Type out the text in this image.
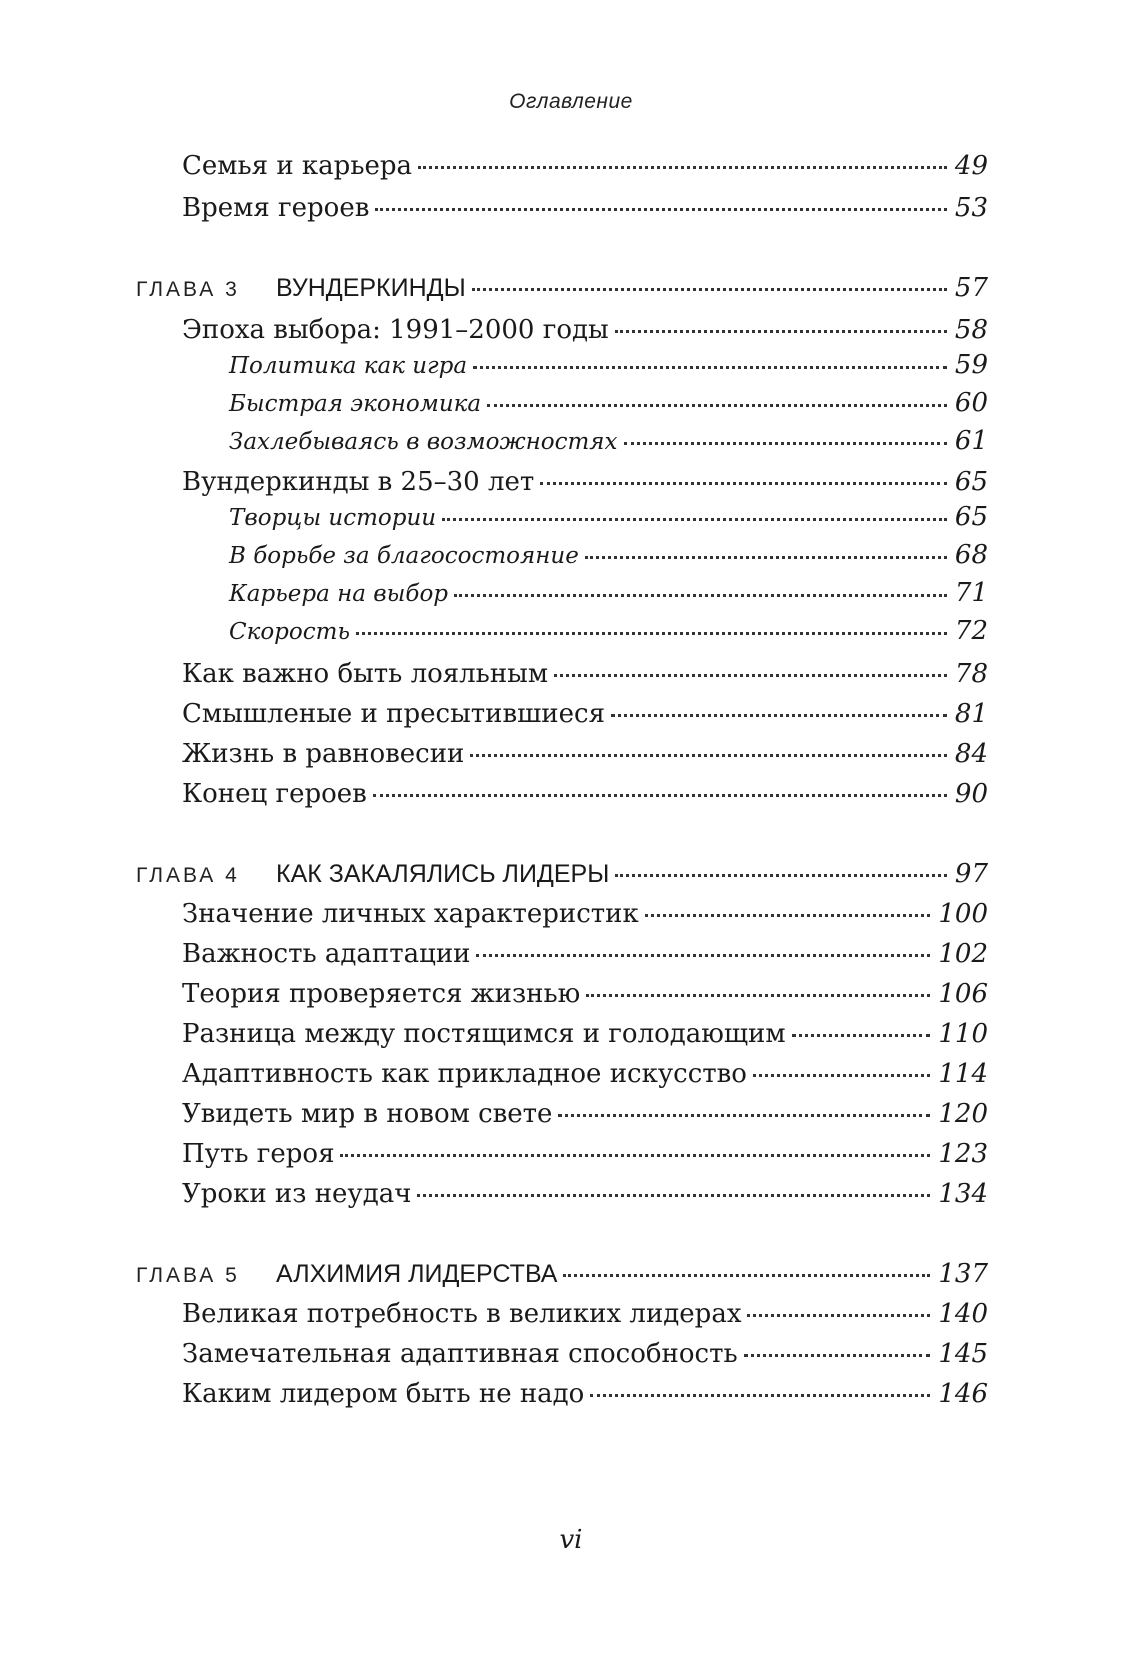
Оглавление
Семья и карьера	49
Время героев	53
ГЛАВА 3	ВУНДЕРКИНДЫ	57
Эпоха выбора: 1991–2000 годы	58
Политика как игра	59
Быстрая экономика	60
Захлебываясь в возможностях	61
Вундеркинды в 25–30 лет	65
Творцы истории	65
В борьбе за благосостояние	68
Карьера на выбор	71
Скорость	72
Как важно быть лояльным	78
Смышленые и пресытившиеся	81
Жизнь в равновесии	84
Конец героев	90
ГЛАВА 4	КАК ЗАКАЛЯЛИСЬ ЛИДЕРЫ	97
Значение личных характеристик	100
Важность адаптации	102
Теория проверяется жизнью	106
Разница между постящимся и голодающим	110
Адаптивность как прикладное искусство	114
Увидеть мир в новом свете	120
Путь героя	123
Уроки из неудач	134
ГЛАВА 5	АЛХИМИЯ ЛИДЕРСТВА	137
Великая потребность в великих лидерах	140
Замечательная адаптивная способность	145
Каким лидером быть не надо	146
vi
